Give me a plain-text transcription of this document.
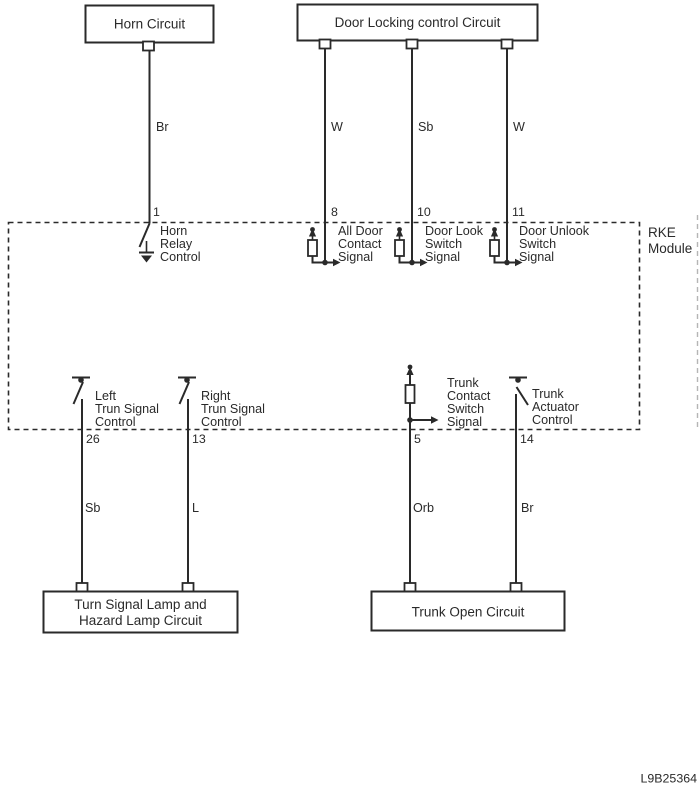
Horn Circuit	Door Locking control Circuit
RKE
Module
Br
1
Horn
Relay
Control
W
8
All Door
Contact
Signal
Sb
10
Door Look
Switch
Signal
W
11
Door Unlook
Switch
Signal
Left
Trun Signal
Control
26
Sb
Right
Trun Signal
Control
13
L
Trunk
Contact
Switch
Signal
5
Orb
Trunk
Actuator
Control
14
Br
Turn Signal Lamp and
Hazard Lamp Circuit
Trunk Open Circuit
L9B25364
